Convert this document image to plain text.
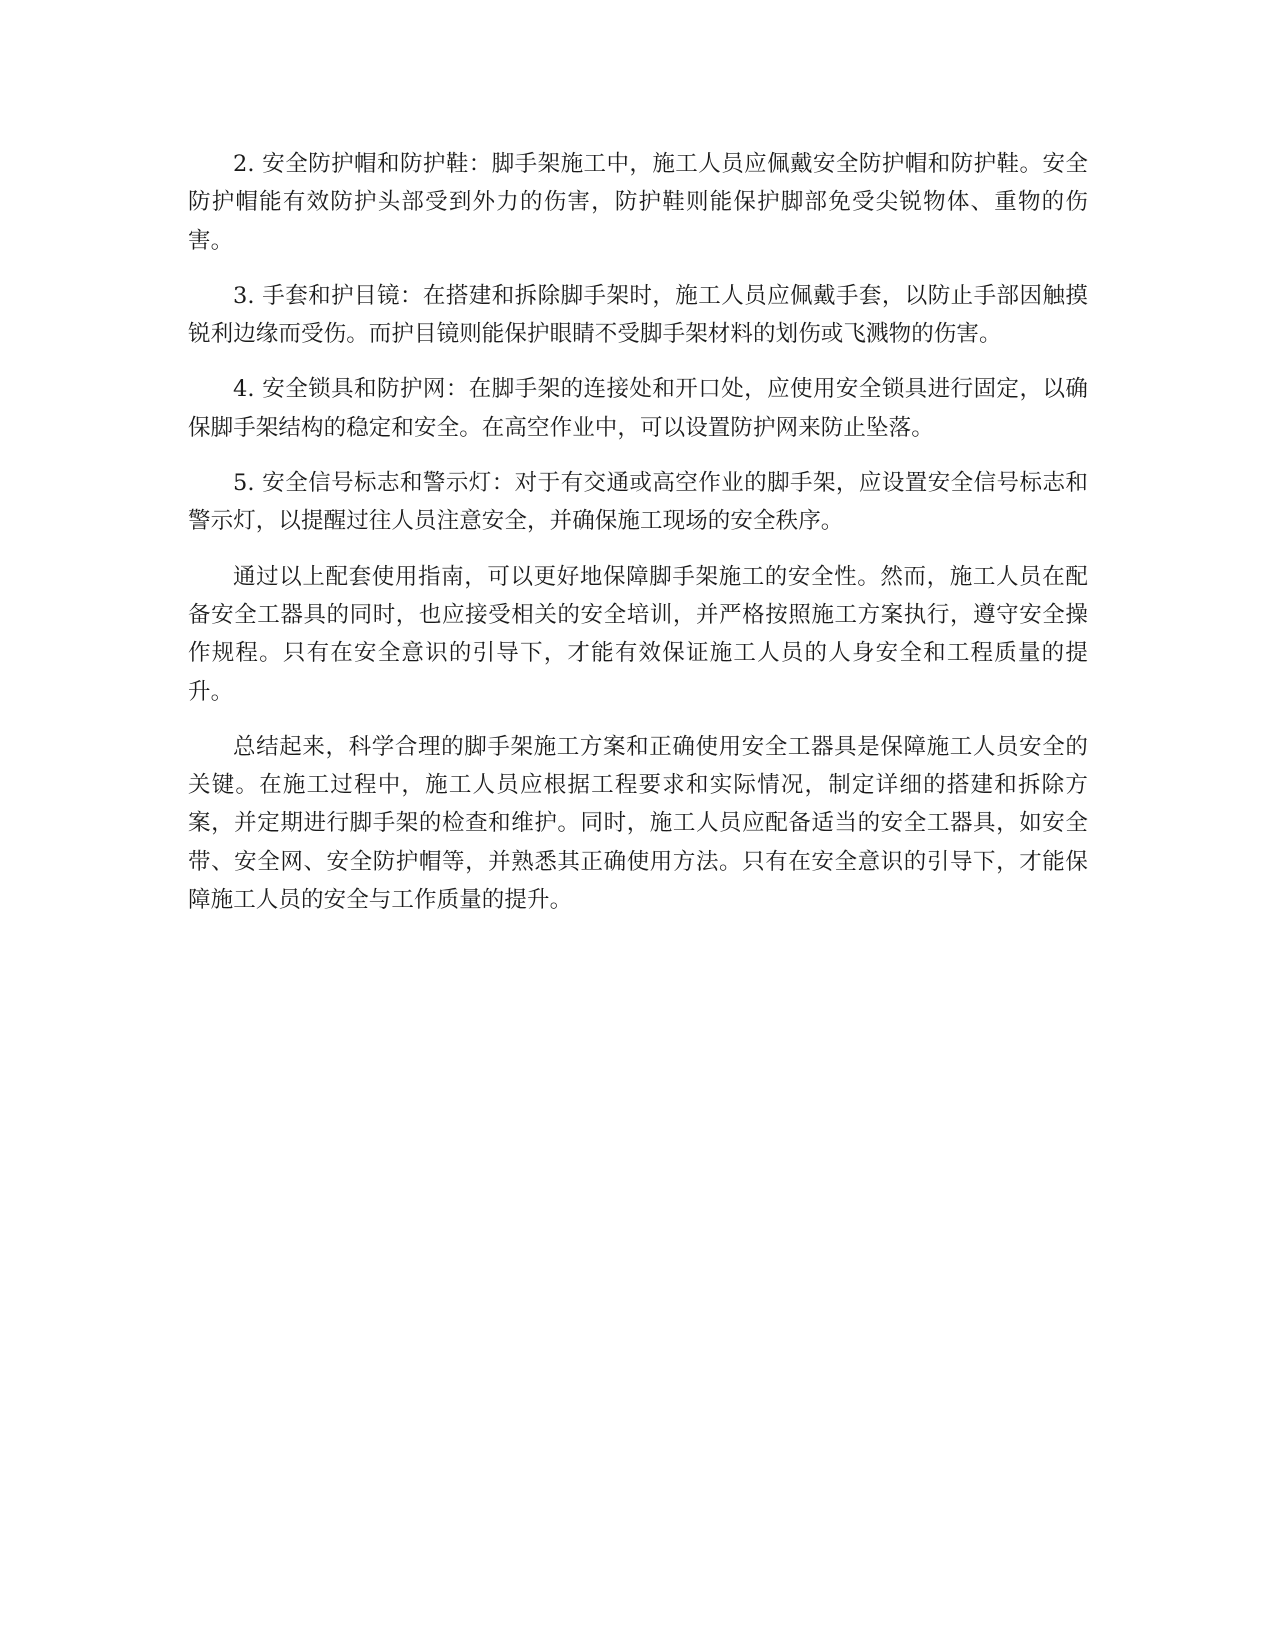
2. 安全防护帽和防护鞋：脚手架施工中，施工人员应佩戴安全防护帽和防护鞋。安全防护帽能有效防护头部受到外力的伤害，防护鞋则能保护脚部免受尖锐物体、重物的伤害。

3. 手套和护目镜：在搭建和拆除脚手架时，施工人员应佩戴手套，以防止手部因触摸锐利边缘而受伤。而护目镜则能保护眼睛不受脚手架材料的划伤或飞溅物的伤害。

4. 安全锁具和防护网：在脚手架的连接处和开口处，应使用安全锁具进行固定，以确保脚手架结构的稳定和安全。在高空作业中，可以设置防护网来防止坠落。

5. 安全信号标志和警示灯：对于有交通或高空作业的脚手架，应设置安全信号标志和警示灯，以提醒过往人员注意安全，并确保施工现场的安全秩序。

通过以上配套使用指南，可以更好地保障脚手架施工的安全性。然而，施工人员在配备安全工器具的同时，也应接受相关的安全培训，并严格按照施工方案执行，遵守安全操作规程。只有在安全意识的引导下，才能有效保证施工人员的人身安全和工程质量的提升。

总结起来，科学合理的脚手架施工方案和正确使用安全工器具是保障施工人员安全的关键。在施工过程中，施工人员应根据工程要求和实际情况，制定详细的搭建和拆除方案，并定期进行脚手架的检查和维护。同时，施工人员应配备适当的安全工器具，如安全带、安全网、安全防护帽等，并熟悉其正确使用方法。只有在安全意识的引导下，才能保障施工人员的安全与工作质量的提升。
